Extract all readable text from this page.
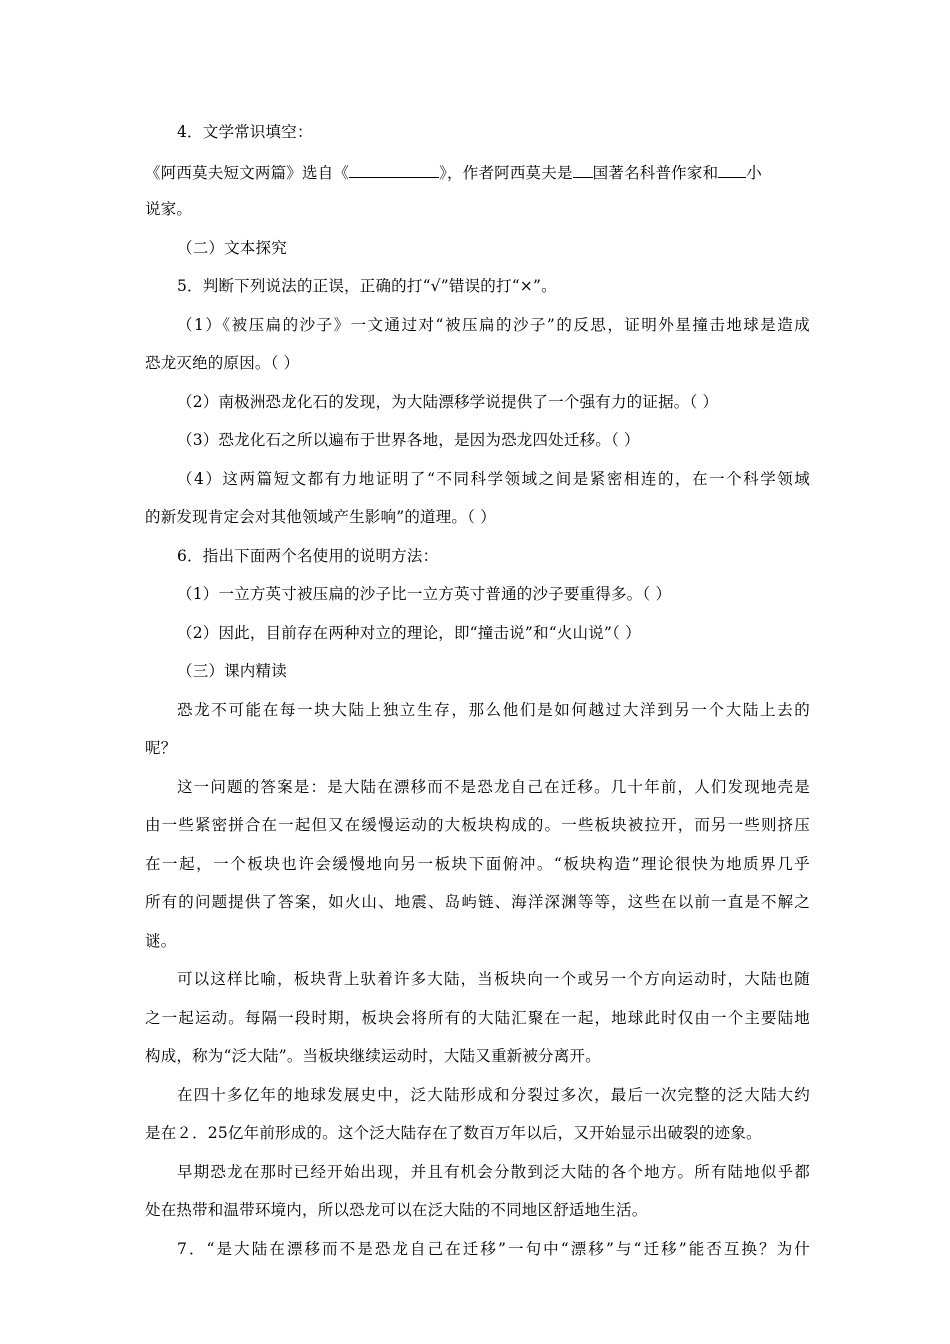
4．文学常识填空：
《阿西莫夫短文两篇》选自《	》，作者阿西莫夫是 国著名科普作家和 小
说家。
（二）文本探究
5．判断下列说法的正误，正确的打“√”错误的打“×”。
（1）《被压扁的沙子》一文通过对“被压扁的沙子”的反思，证明外星撞击地球是造成
恐龙灭绝的原因。（ ）
（2）南极洲恐龙化石的发现，为大陆漂移学说提供了一个强有力的证据。（ ）
（3）恐龙化石之所以遍布于世界各地，是因为恐龙四处迁移。（ ）
（4）这两篇短文都有力地证明了“不同科学领域之间是紧密相连的，在一个科学领域
的新发现肯定会对其他领域产生影响”的道理。（ ）
6．指出下面两个名使用的说明方法：
（1）一立方英寸被压扁的沙子比一立方英寸普通的沙子要重得多。（ ）
（2）因此，目前存在两种对立的理论，即“撞击说”和“火山说”（ ）
（三）课内精读
恐龙不可能在每一块大陆上独立生存，那么他们是如何越过大洋到另一个大陆上去的
呢？
这一问题的答案是：是大陆在漂移而不是恐龙自己在迁移。几十年前，人们发现地壳是
由一些紧密拼合在一起但又在缓慢运动的大板块构成的。一些板块被拉开，而另一些则挤压
在一起，一个板块也许会缓慢地向另一板块下面俯冲。“板块构造”理论很快为地质界几乎
所有的问题提供了答案，如火山、地震、岛屿链、海洋深渊等等，这些在以前一直是不解之
谜。
可以这样比喻，板块背上驮着许多大陆，当板块向一个或另一个方向运动时，大陆也随
之一起运动。每隔一段时期，板块会将所有的大陆汇聚在一起，地球此时仅由一个主要陆地
构成，称为“泛大陆”。当板块继续运动时，大陆又重新被分离开。
在四十多亿年的地球发展史中，泛大陆形成和分裂过多次，最后一次完整的泛大陆大约
是在２．25亿年前形成的。这个泛大陆存在了数百万年以后，又开始显示出破裂的迹象。
早期恐龙在那时已经开始出现，并且有机会分散到泛大陆的各个地方。所有陆地似乎都
处在热带和温带环境内，所以恐龙可以在泛大陆的不同地区舒适地生活。
7．“是大陆在漂移而不是恐龙自己在迁移”一句中“漂移”与“迁移”能否互换？为什
